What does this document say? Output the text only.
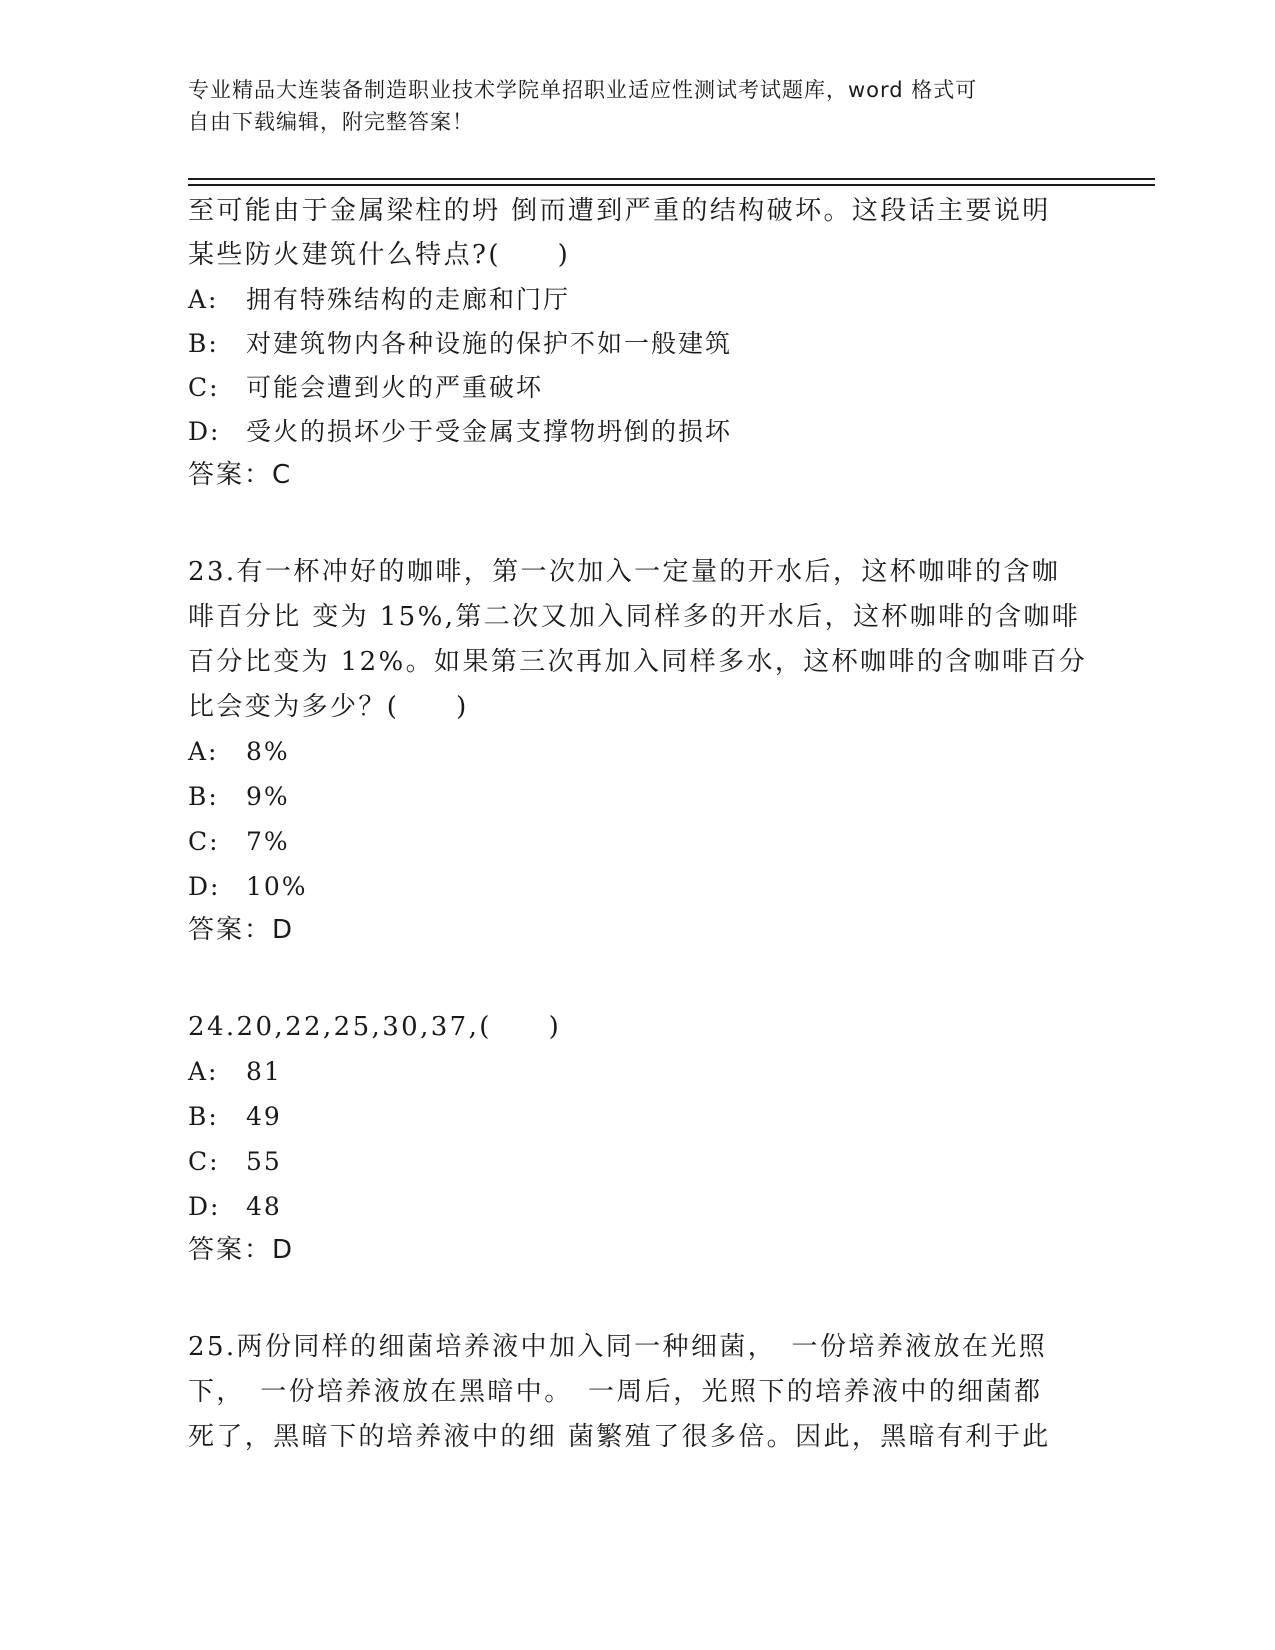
专业精品大连装备制造职业技术学院单招职业适应性测试考试题库，word 格式可
自由下载编辑，附完整答案！
至可能由于金属梁柱的坍 倒而遭到严重的结构破坏。这段话主要说明
某些防火建筑什么特点?(　　)
A: 拥有特殊结构的走廊和门厅
B: 对建筑物内各种设施的保护不如一般建筑
C: 可能会遭到火的严重破坏
D: 受火的损坏少于受金属支撑物坍倒的损坏
答案：C
23.有一杯冲好的咖啡，第一次加入一定量的开水后，这杯咖啡的含咖
啡百分比 变为 15%,第二次又加入同样多的开水后，这杯咖啡的含咖啡
百分比变为 12%。如果第三次再加入同样多水，这杯咖啡的含咖啡百分
比会变为多少？(　　)
A: 8%
B: 9%
C: 7%
D: 10%
答案：D
24.20,22,25,30,37,(　　)
A: 81
B: 49
C: 55
D: 48
答案：D
25.两份同样的细菌培养液中加入同一种细菌，　一份培养液放在光照
下，　一份培养液放在黑暗中。　一周后，光照下的培养液中的细菌都
死了，黑暗下的培养液中的细 菌繁殖了很多倍。因此，黑暗有利于此
